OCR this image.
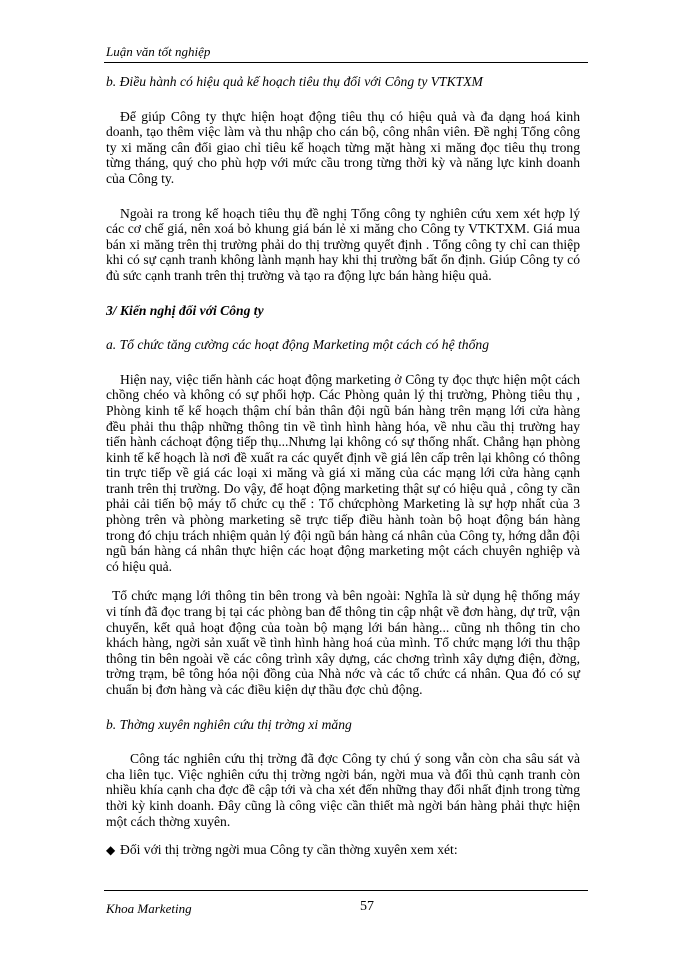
Luận văn tốt nghiệp

b. Điều hành có hiệu quả kế hoạch tiêu thụ đối với Công ty VTKTXM

Để giúp Công ty thực hiện hoạt động tiêu thụ có hiệu quả và đa dạng hoá kinh doanh, tạo thêm việc làm và thu nhập cho cán bộ, công nhân viên. Đề nghị Tổng công ty xi măng cân đối giao chỉ tiêu kế hoạch từng mặt hàng xi măng đọc tiêu thụ trong từng tháng, quý cho phù hợp với mức cầu trong từng thời kỳ và năng lực kinh doanh của Công ty.

Ngoài ra trong kế hoạch tiêu thụ đề nghị Tổng công ty nghiên cứu xem xét hợp lý các cơ chế giá, nên xoá bỏ khung giá bán lẻ xi măng cho Công ty VTKTXM. Giá mua bán xi măng trên thị trường phải do thị trường quyết định . Tổng công ty chỉ can thiệp khi có sự cạnh tranh không lành mạnh hay khi thị trường bất ổn định. Giúp Công ty có đủ sức cạnh tranh trên thị trường và tạo ra động lực bán hàng hiệu quả.

3/ Kiến nghị đối với Công ty

a. Tổ chức tăng cường các hoạt động Marketing một cách có hệ thống

Hiện nay, việc tiến hành các hoạt động marketing ở Công ty đọc thực hiện một cách chồng chéo và không có sự phối hợp. Các Phòng quản lý thị trường, Phòng tiêu thụ , Phòng kinh tế kế hoạch thậm chí bản thân đội ngũ bán hàng trên mạng lới cửa hàng đều phải thu thập những thông tin về tình hình hàng hóa, về nhu cầu thị trường hay tiến hành cáchoạt động tiếp thụ...Nhưng lại không có sự thống nhất. Chẳng hạn phòng kinh tế kế hoạch là nơi đề xuất ra các quyết định về giá lên cấp trên lại không có thông tin trực tiếp về giá các loại xi măng và giá xi măng của các mạng lới cửa hàng cạnh tranh trên thị trường. Do vậy, để hoạt động marketing thật sự có hiệu quả , công ty cần phải cải tiến bộ máy tổ chức cụ thể : Tổ chứcphòng Marketing là sự hợp nhất của 3 phòng trên và phòng marketing sẽ trực tiếp điều hành toàn bộ hoạt động bán hàng trong đó chịu trách nhiệm quản lý đội ngũ bán hàng cá nhân của Công ty, hớng dẫn đội ngũ bán hàng cá nhân thực hiện các hoạt động marketing một cách chuyên nghiệp và có hiệu quả.

Tổ chức mạng lới thông tin bên trong và bên ngoài: Nghĩa là sử dụng hệ thống máy vi tính đã đọc trang bị tại các phòng ban để thông tin cập nhật về đơn hàng, dự trữ, vận chuyển, kết quả hoạt động của toàn bộ mạng lới bán hàng... cũng nh thông tin cho khách hàng, ngời sản xuất về tình hình hàng hoá của mình. Tổ chức mạng lới thu thập thông tin bên ngoài về các công trình xây dựng, các chơng trình xây dựng điện, đờng, trờng trạm, bê tông hóa nội đồng của Nhà nớc và các tổ chức cá nhân. Qua đó có sự chuẩn bị đơn hàng và các điều kiện dự thầu đợc chủ động.

b. Thờng xuyên nghiên cứu thị trờng xi măng

Công tác nghiên cứu thị trờng đã đợc Công ty chú ý song vẫn còn cha sâu sát và cha liên tục. Việc nghiên cứu thị trờng ngời bán, ngời mua và đối thủ cạnh tranh còn nhiều khía cạnh cha đợc đề cập tới và cha xét đến những thay đổi nhất định trong từng thời kỳ kinh doanh. Đây cũng là công việc cần thiết mà ngời bán hàng phải thực hiện một cách thờng xuyên.

◆ Đối với thị trờng ngời mua Công ty cần thờng xuyên xem xét:

Khoa Marketing	57
